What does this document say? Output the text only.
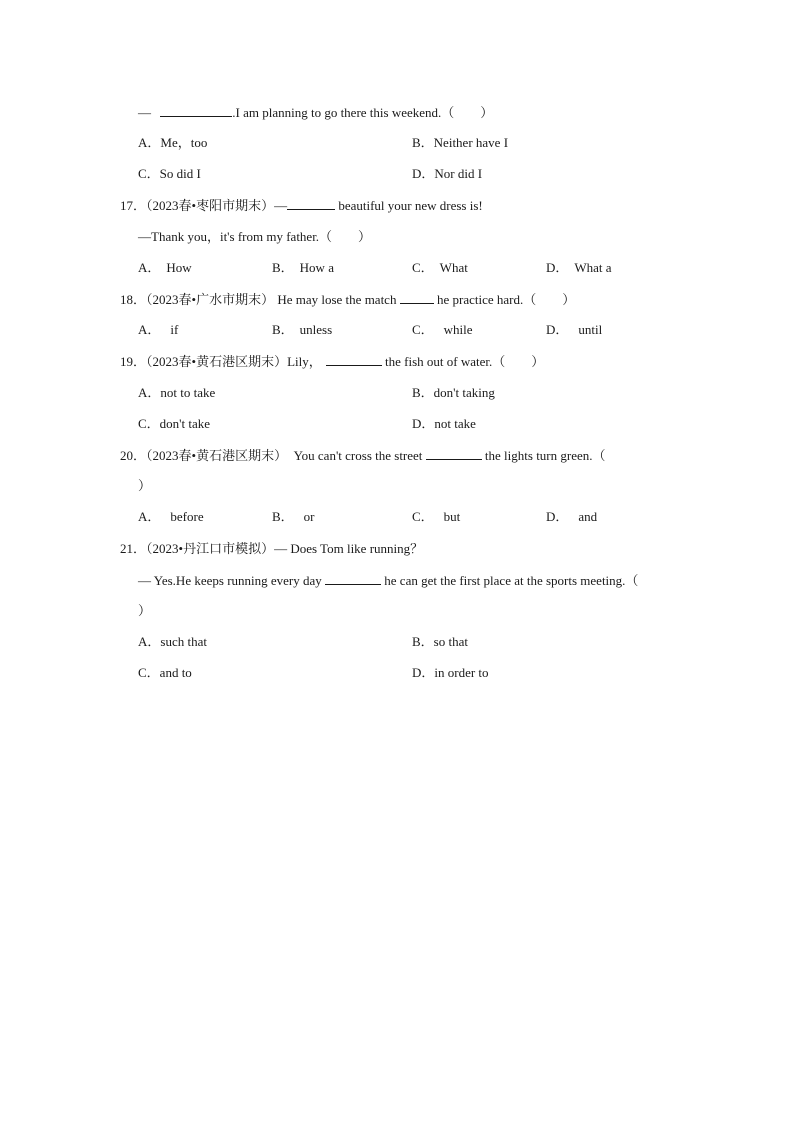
—	.I am planning to go there this weekend.（　　）
A．Me，too	B．Neither have I
C．So did I	D．Nor did I
17．（2023春•枣阳市期末）—	beautiful your new dress is!
—Thank you，it's from my father.（　　）
A． How	B． How a	C． What	D． What a
18．（2023春•广水市期末） He may lose the match	he practice hard.（　　）
A． if	B． unless	C． while	D． until
19．（2023春•黄石港区期末）Lily，	the fish out of water.（　　）
A．not to take	B．don't taking
C．don't take	D．not take
20．（2023春•黄石港区期末）  You can't cross the street	the lights turn green.（
）
A． before	B． or	C． but	D． and
21．（2023•丹江口市模拟）— Does Tom like running？
— Yes.He keeps running every day	he can get the first place at the sports meeting.（
）
A．such that	B．so that
C．and to	D．in order to
